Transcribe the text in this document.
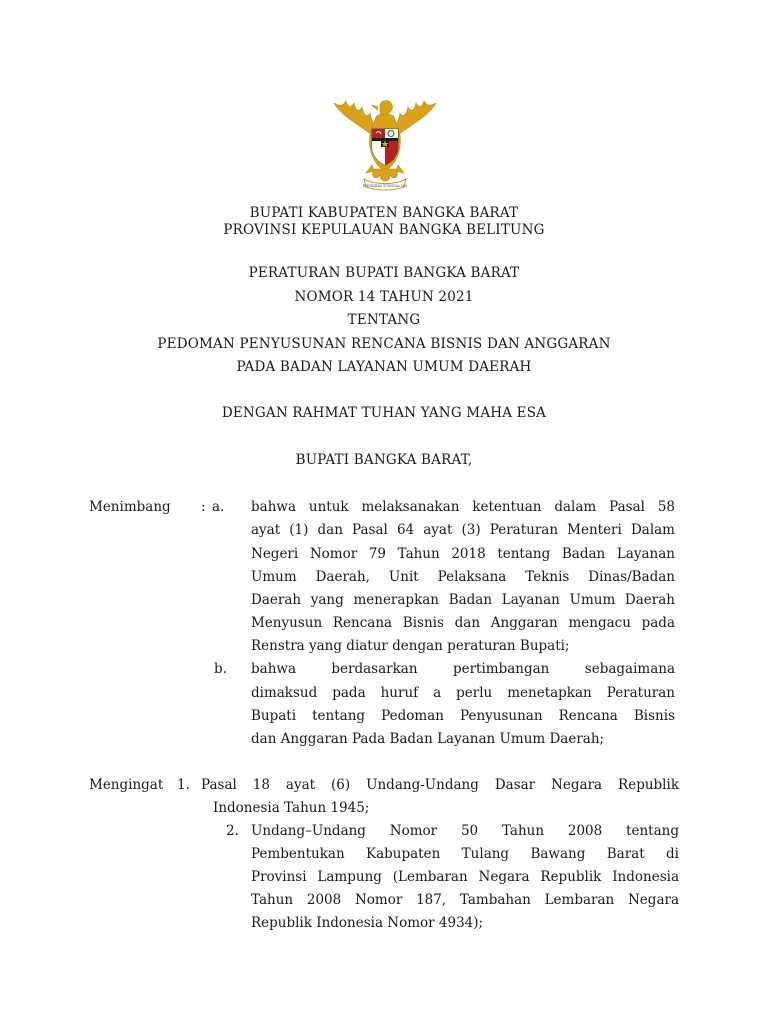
BHINNEKA TUNGGAL IKA
BUPATI KABUPATEN BANGKA BARAT
PROVINSI KEPULAUAN BANGKA BELITUNG
PERATURAN BUPATI BANGKA BARAT
NOMOR 14 TAHUN 2021
TENTANG
PEDOMAN PENYUSUNAN RENCANA BISNIS DAN ANGGARAN
PADA BADAN LAYANAN UMUM DAERAH
DENGAN RAHMAT TUHAN YANG MAHA ESA
BUPATI BANGKA BARAT,
Menimbang : a. bahwa untuk melaksanakan ketentuan dalam Pasal 58
ayat (1) dan Pasal 64 ayat (3) Peraturan Menteri Dalam
Negeri Nomor 79 Tahun 2018 tentang Badan Layanan
Umum Daerah, Unit Pelaksana Teknis Dinas/Badan
Daerah yang menerapkan Badan Layanan Umum Daerah
Menyusun Rencana Bisnis dan Anggaran mengacu pada
Renstra yang diatur dengan peraturan Bupati;
b. bahwa berdasarkan pertimbangan sebagaimana
dimaksud pada huruf a perlu menetapkan Peraturan
Bupati tentang Pedoman Penyusunan Rencana Bisnis
dan Anggaran Pada Badan Layanan Umum Daerah;
Mengingat 1. Pasal 18 ayat (6) Undang-Undang Dasar Negara Republik
Indonesia Tahun 1945;
2. Undang–Undang Nomor 50 Tahun 2008 tentang
Pembentukan Kabupaten Tulang Bawang Barat di
Provinsi Lampung (Lembaran Negara Republik Indonesia
Tahun 2008 Nomor 187, Tambahan Lembaran Negara
Republik Indonesia Nomor 4934);
